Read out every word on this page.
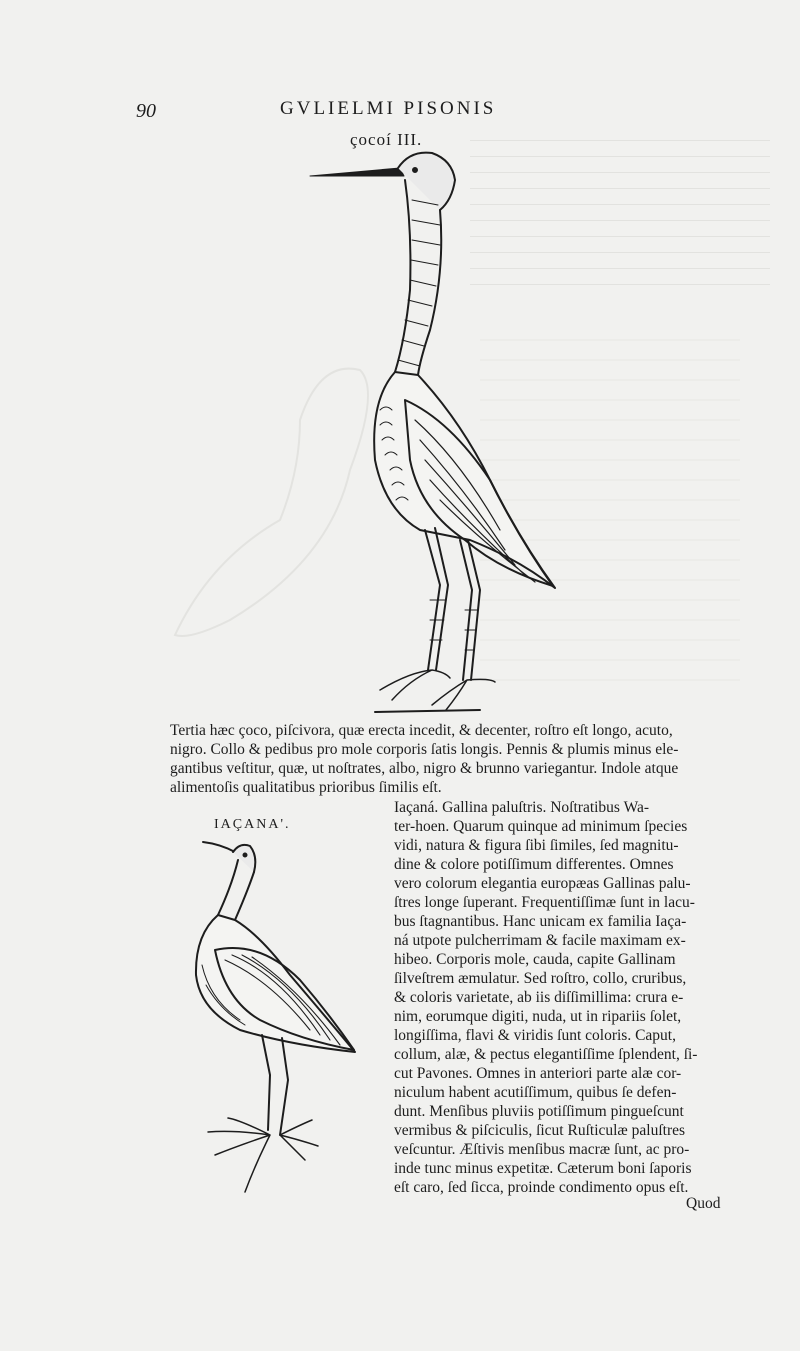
90	GVLIELMI PISONIS
çocoí III.
Tertia hæc çoco, piſcivora, quæ erecta incedit, & decenter, roſtro eſt longo, acuto,
nigro. Collo & pedibus pro mole corporis ſatis longis. Pennis & plumis minus ele-
gantibus veſtitur, quæ, ut noſtrates, albo, nigro & brunno variegantur. Indole atque
alimentoſis qualitatibus prioribus ſimilis eſt.
IAÇANA'.
Iaçaná. Gallina paluſtris. Noſtratibus Wa-
ter-hoen. Quarum quinque ad minimum ſpecies
vidi, natura & figura ſibi ſimiles, ſed magnitu-
dine & colore potiſſimum differentes. Omnes
vero colorum elegantia europæas Gallinas palu-
ſtres longe ſuperant. Frequentiſſimæ ſunt in lacu-
bus ſtagnantibus. Hanc unicam ex familia Iaça-
ná utpote pulcherrimam & facile maximam ex-
hibeo. Corporis mole, cauda, capite Gallinam
ſilveſtrem æmulatur. Sed roſtro, collo, cruribus,
& coloris varietate, ab iis diſſimillima: crura e-
nim, eorumque digiti, nuda, ut in ripariis ſolet,
longiſſima, flavi & viridis ſunt coloris. Caput,
collum, alæ, & pectus elegantiſſime ſplendent, ſi-
cut Pavones. Omnes in anteriori parte alæ cor-
niculum habent acutiſſimum, quibus ſe defen-
dunt. Menſibus pluviis potiſſimum pingueſcunt
vermibus & piſciculis, ſicut Ruſticulæ paluſtres
veſcuntur. Æſtivis menſibus macræ ſunt, ac pro-
inde tunc minus expetitæ. Cæterum boni ſaporis
eſt caro, ſed ſicca, proinde condimento opus eſt.
Quod
